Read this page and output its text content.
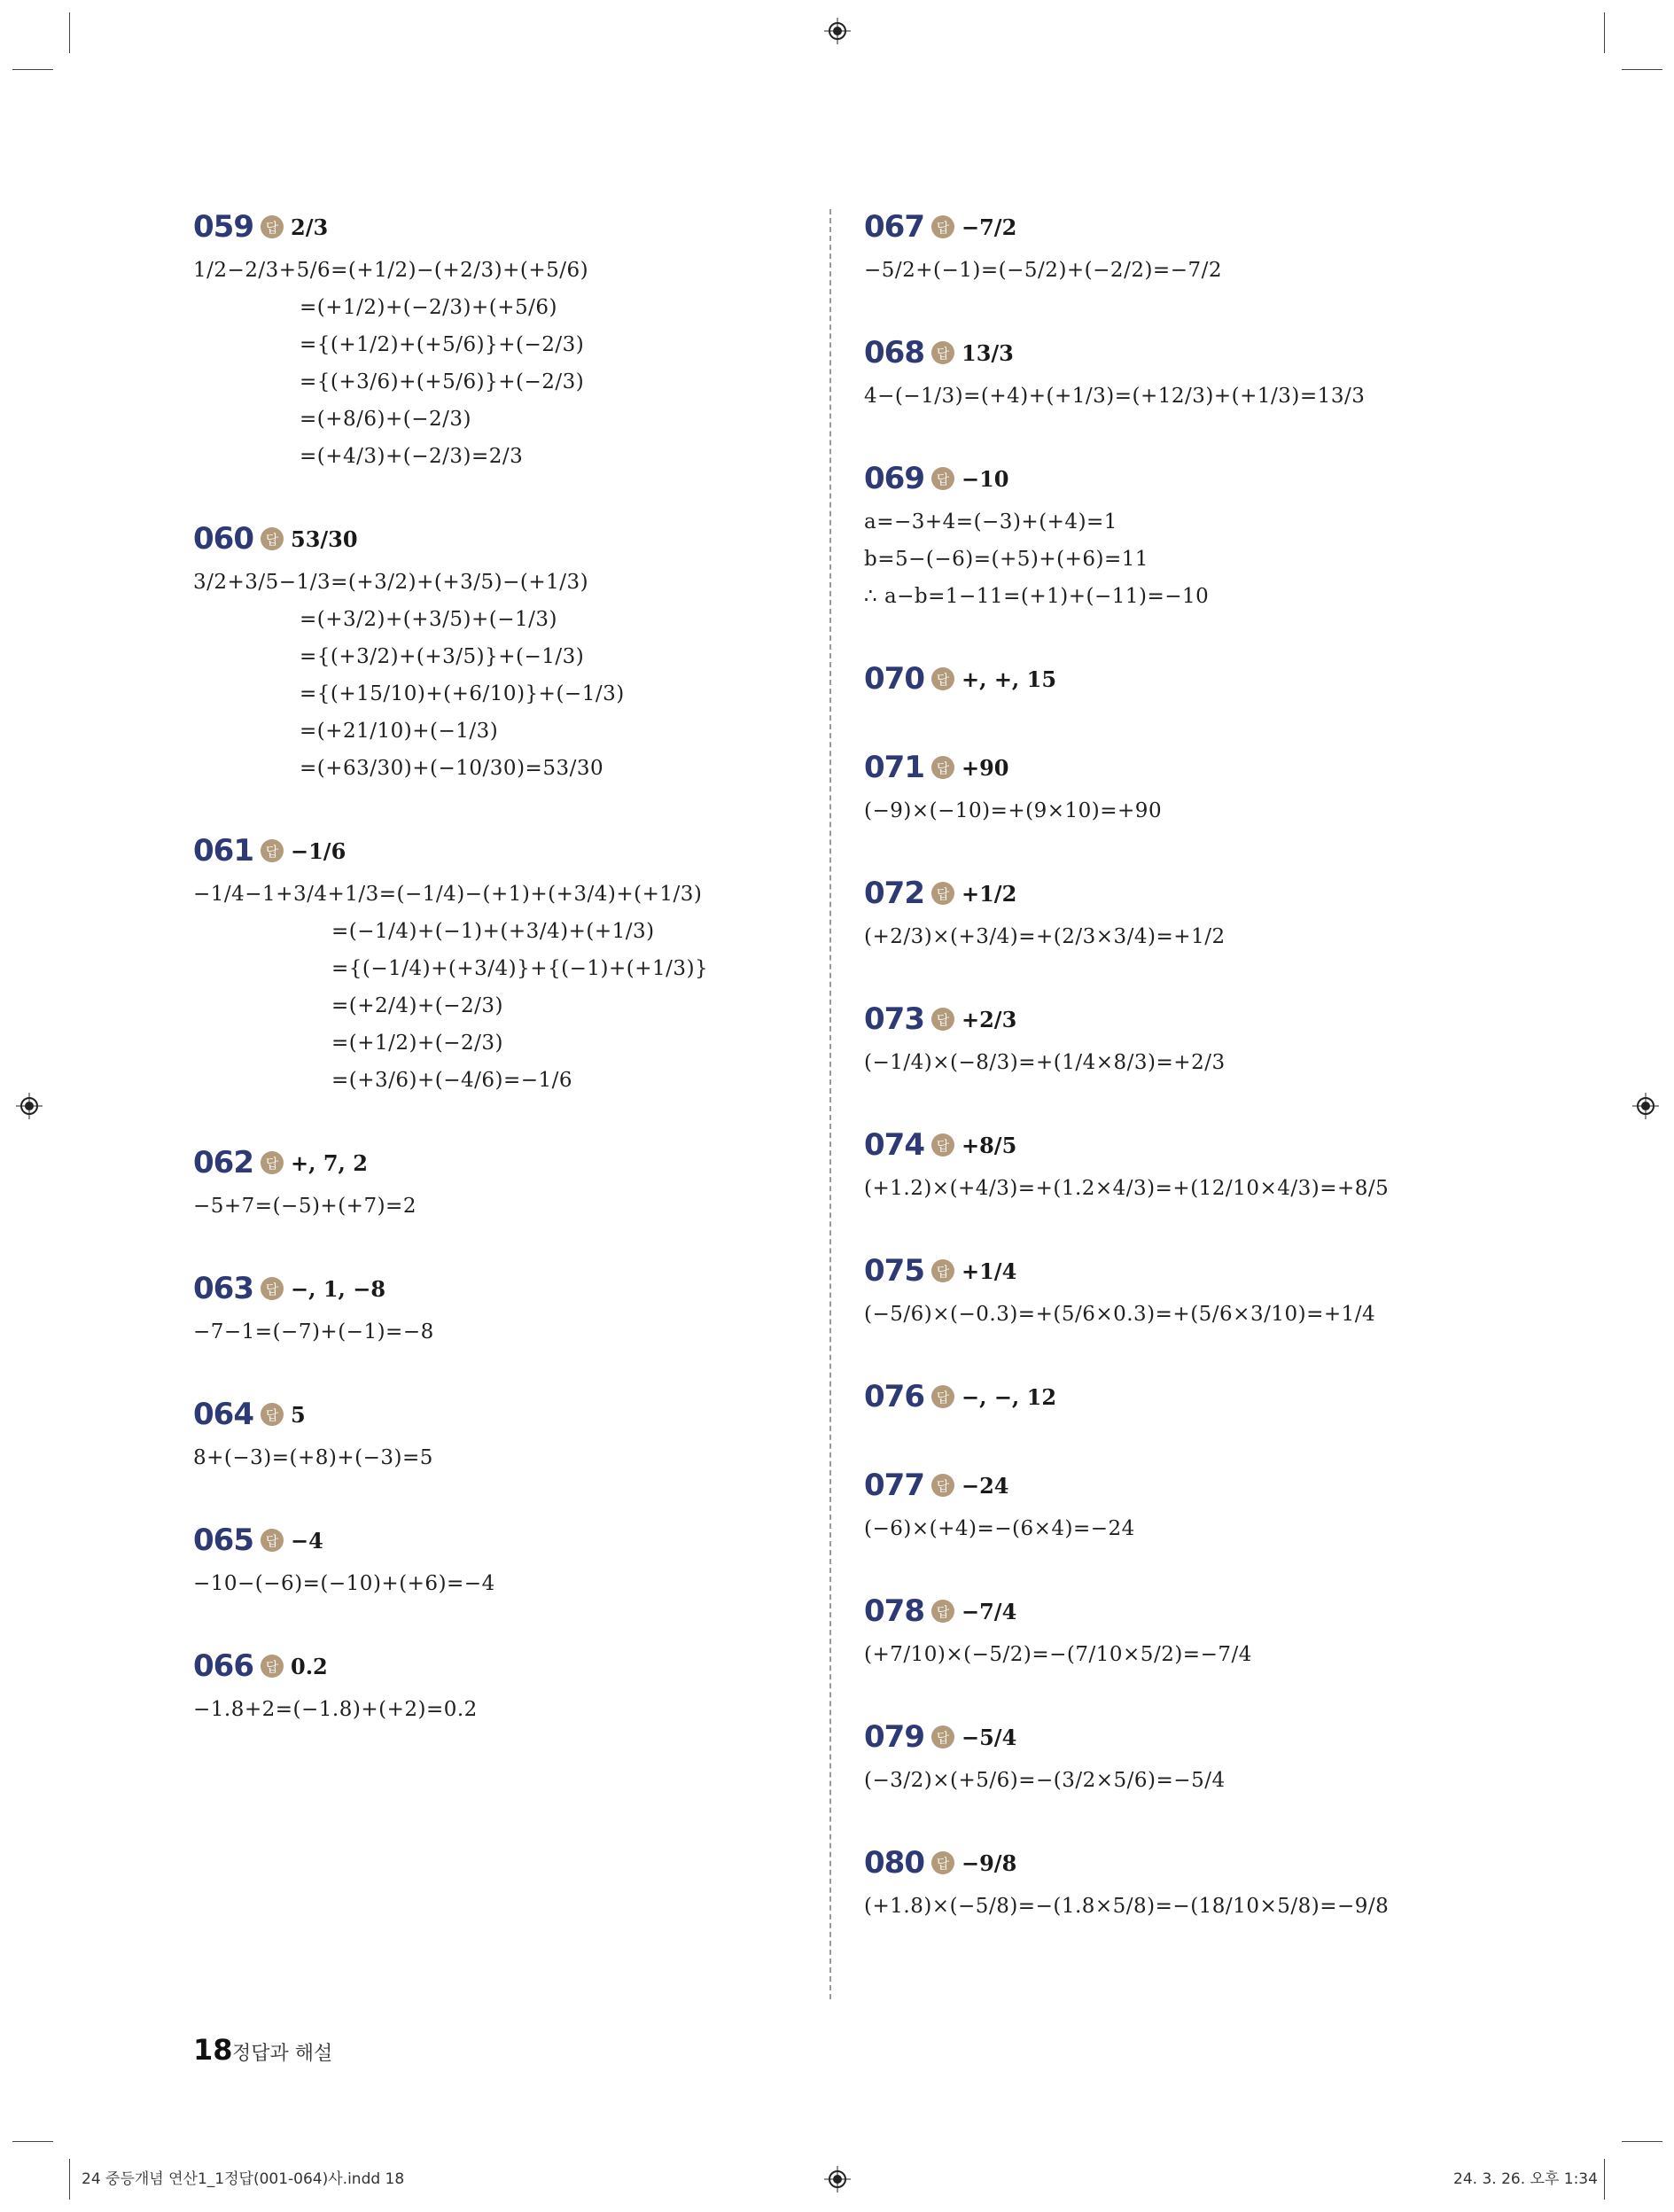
059 답 2/3
1/2−2/3+5/6=(+1/2)−(+2/3)+(+5/6)
=(+1/2)+(−2/3)+(+5/6)
={(+1/2)+(+5/6)}+(−2/3)
={(+3/6)+(+5/6)}+(−2/3)
=(+8/6)+(−2/3)
=(+4/3)+(−2/3)=2/3
060 답 53/30
3/2+3/5−1/3=(+3/2)+(+3/5)−(+1/3)
=(+3/2)+(+3/5)+(−1/3)
={(+3/2)+(+3/5)}+(−1/3)
={(+15/10)+(+6/10)}+(−1/3)
=(+21/10)+(−1/3)
=(+63/30)+(−10/30)=53/30
061 답 −1/6
−1/4−1+3/4+1/3=(−1/4)−(+1)+(+3/4)+(+1/3)
=(−1/4)+(−1)+(+3/4)+(+1/3)
={(−1/4)+(+3/4)}+{(−1)+(+1/3)}
=(+2/4)+(−2/3)
=(+1/2)+(−2/3)
=(+3/6)+(−4/6)=−1/6
062 답 +, 7, 2
−5+7=(−5)+(+7)=2
063 답 −, 1, −8
−7−1=(−7)+(−1)=−8
064 답 5
8+(−3)=(+8)+(−3)=5
065 답 −4
−10−(−6)=(−10)+(+6)=−4
066 답 0.2
−1.8+2=(−1.8)+(+2)=0.2
067 답 −7/2
−5/2+(−1)=(−5/2)+(−2/2)=−7/2
068 답 13/3
4−(−1/3)=(+4)+(+1/3)=(+12/3)+(+1/3)=13/3
069 답 −10
a=−3+4=(−3)+(+4)=1
b=5−(−6)=(+5)+(+6)=11
∴ a−b=1−11=(+1)+(−11)=−10
070 답 +, +, 15
071 답 +90
(−9)×(−10)=+(9×10)=+90
072 답 +1/2
(+2/3)×(+3/4)=+(2/3×3/4)=+1/2
073 답 +2/3
(−1/4)×(−8/3)=+(1/4×8/3)=+2/3
074 답 +8/5
(+1.2)×(+4/3)=+(1.2×4/3)=+(12/10×4/3)=+8/5
075 답 +1/4
(−5/6)×(−0.3)=+(5/6×0.3)=+(5/6×3/10)=+1/4
076 답 −, −, 12
077 답 −24
(−6)×(+4)=−(6×4)=−24
078 답 −7/4
(+7/10)×(−5/2)=−(7/10×5/2)=−7/4
079 답 −5/4
(−3/2)×(+5/6)=−(3/2×5/6)=−5/4
080 답 −9/8
(+1.8)×(−5/8)=−(1.8×5/8)=−(18/10×5/8)=−9/8
18 정답과 해설
24 중등개념 연산1_1정답(001-064)사.indd 18	24. 3. 26. 오후 1:34
